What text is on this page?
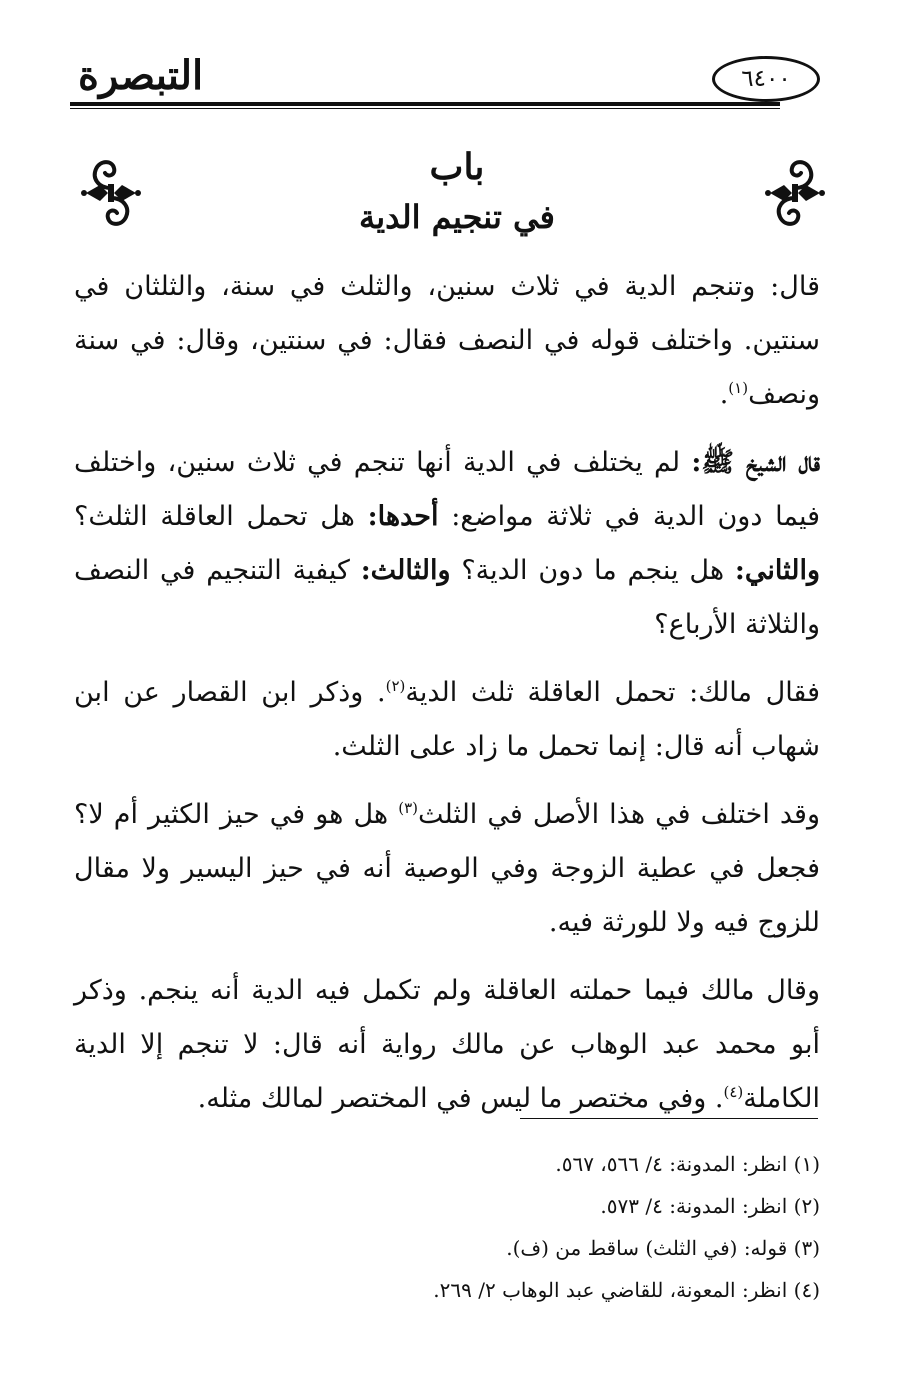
التبصرة	٦٤٠٠
باب
في تنجيم الدية

قال: وتنجم الدية في ثلاث سنين، والثلث في سنة، والثلثان في سنتين. واختلف قوله في النصف فقال: في سنتين، وقال: في سنة ونصف$^{(١)}$.

قال الشيخ ﷺ: لم يختلف في الدية أنها تنجم في ثلاث سنين، واختلف فيما دون الدية في ثلاثة مواضع: أحدها: هل تحمل العاقلة الثلث؟ والثاني: هل ينجم ما دون الدية؟ والثالث: كيفية التنجيم في النصف والثلاثة الأرباع؟

فقال مالك: تحمل العاقلة ثلث الدية$^{(٢)}$. وذكر ابن القصار عن ابن شهاب أنه قال: إنما تحمل ما زاد على الثلث.

وقد اختلف في هذا الأصل في الثلث$^{(٣)}$ هل هو في حيز الكثير أم لا؟ فجعل في عطية الزوجة وفي الوصية أنه في حيز اليسير ولا مقال للزوج فيه ولا للورثة فيه.

وقال مالك فيما حملته العاقلة ولم تكمل فيه الدية أنه ينجم. وذكر أبو محمد عبد الوهاب عن مالك رواية أنه قال: لا تنجم إلا الدية الكاملة$^{(٤)}$. وفي مختصر ما ليس في المختصر لمالك مثله.

(١) انظر: المدونة: ٤/ ٥٦٦، ٥٦٧.
(٢) انظر: المدونة: ٤/ ٥٧٣.
(٣) قوله: (في الثلث) ساقط من (ف).
(٤) انظر: المعونة، للقاضي عبد الوهاب ٢/ ٢٦٩.
